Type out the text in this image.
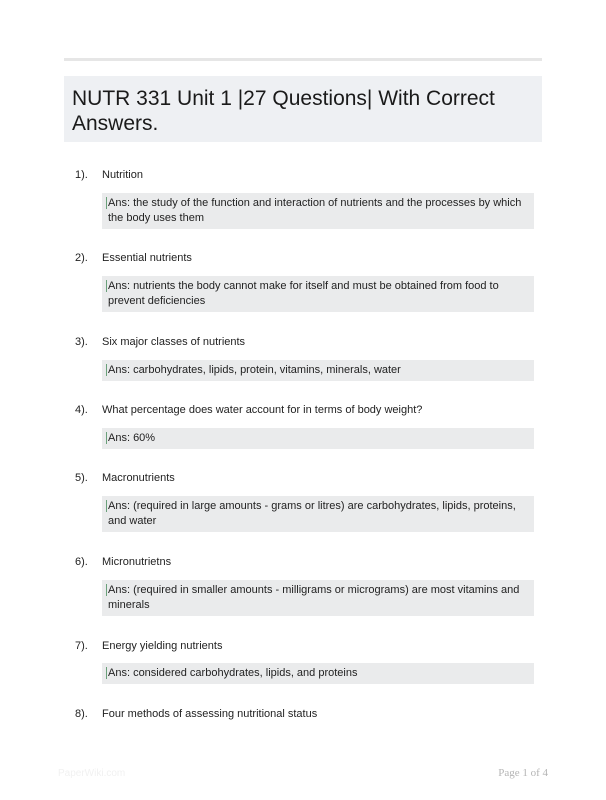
NUTR 331 Unit 1 |27 Questions| With Correct Answers.
1). Nutrition
Ans: the study of the function and interaction of nutrients and the processes by which the body uses them
2). Essential nutrients
Ans: nutrients the body cannot make for itself and must be obtained from food to prevent deficiencies
3). Six major classes of nutrients
Ans: carbohydrates, lipids, protein, vitamins, minerals, water
4). What percentage does water account for in terms of body weight?
Ans: 60%
5). Macronutrients
Ans: (required in large amounts - grams or litres) are carbohydrates, lipids, proteins, and water
6). Micronutrietns
Ans: (required in smaller amounts - milligrams or micrograms) are most vitamins and minerals
7). Energy yielding nutrients
Ans: considered carbohydrates, lipids, and proteins
8). Four methods of assessing nutritional status
PaperWiki.com	Page 1 of 4
